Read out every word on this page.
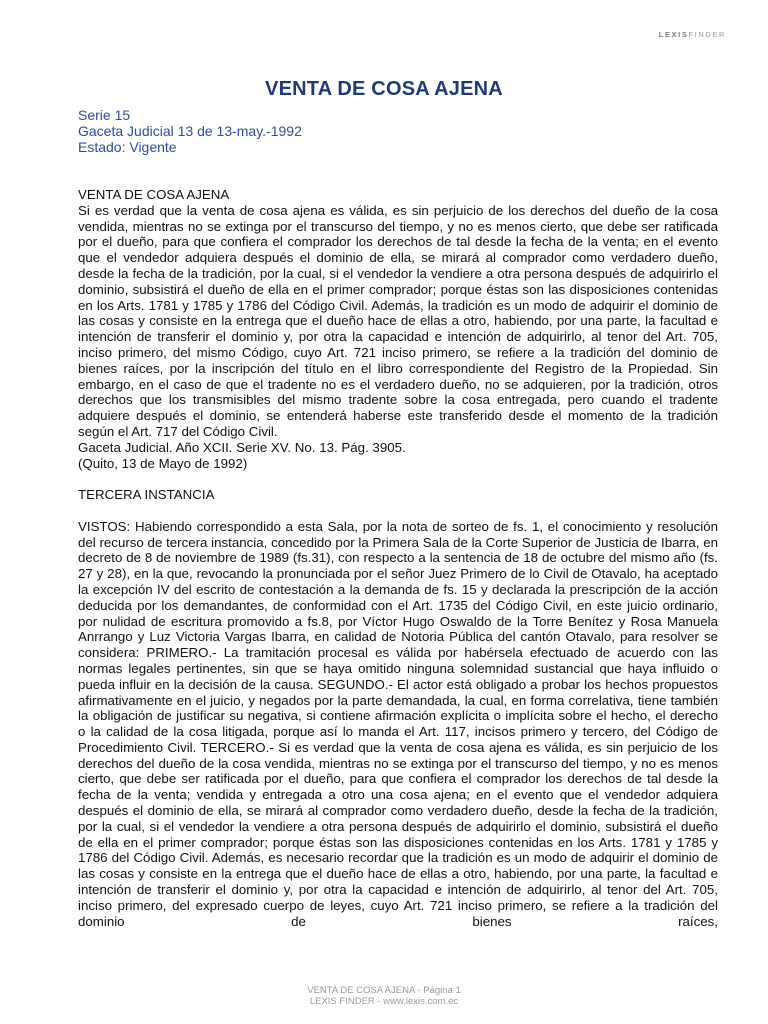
LEXISFINDER
VENTA DE COSA AJENA
Serie 15
Gaceta Judicial 13 de 13-may.-1992
Estado: Vigente

VENTA DE COSA AJENA

Si es verdad que la venta de cosa ajena es válida, es sin perjuicio de los derechos del dueño de la cosa vendida, mientras no se extinga por el transcurso del tiempo, y no es menos cierto, que debe ser ratificada por el dueño, para que confiera el comprador los derechos de tal desde la fecha de la venta; en el evento que el vendedor adquiera después el dominio de ella, se mirará al comprador como verdadero dueño, desde la fecha de la tradición, por la cual, si el vendedor la vendiere a otra persona después de adquirirlo el dominio, subsistirá el dueño de ella en el primer comprador; porque éstas son las disposiciones contenidas en los Arts. 1781 y 1785 y 1786 del Código Civil. Además, la tradición es un modo de adquirir el dominio de las cosas y consiste en la entrega que el dueño hace de ellas a otro, habiendo, por una parte, la facultad e intención de transferir el dominio y, por otra la capacidad e intención de adquirirlo, al tenor del Art. 705, inciso primero, del mismo Código, cuyo Art. 721 inciso primero, se refiere a la tradición del dominio de bienes raíces, por la inscripción del título en el libro correspondiente del Registro de la Propiedad. Sin embargo, en el caso de que el tradente no es el verdadero dueño, no se adquieren, por la tradición, otros derechos que los transmisibles del mismo tradente sobre la cosa entregada, pero cuando el tradente adquiere después el dominio, se entenderá haberse este transferido desde el momento de la tradición según el Art. 717 del Código Civil.

Gaceta Judicial. Año XCII. Serie XV. No. 13. Pág. 3905.

(Quito, 13 de Mayo de 1992)

TERCERA INSTANCIA

VISTOS: Habiendo correspondido a esta Sala, por la nota de sorteo de fs. 1, el conocimiento y resolución del recurso de tercera instancia, concedido por la Primera Sala de la Corte Superior de Justicia de Ibarra, en decreto de 8 de noviembre de 1989 (fs.31), con respecto a la sentencia de 18 de octubre del mismo año (fs. 27 y 28), en la que, revocando la pronunciada por el señor Juez Primero de lo Civil de Otavalo, ha aceptado la excepción IV del escrito de contestación a la demanda de fs. 15 y declarada la prescripción de la acción deducida por los demandantes, de conformidad con el Art. 1735 del Código Civil, en este juicio ordinario, por nulidad de escritura promovido a fs.8, por Víctor Hugo Oswaldo de la Torre Benítez y Rosa Manuela Anrrango y Luz Victoria Vargas Ibarra, en calidad de Notoria Pública del cantón Otavalo, para resolver se considera: PRIMERO.- La tramitación procesal es válida por habérsela efectuado de acuerdo con las normas legales pertinentes, sin que se haya omitido ninguna solemnidad sustancial que haya influido o pueda influir en la decisión de la causa. SEGUNDO.- El actor está obligado a probar los hechos propuestos afirmativamente en el juicio, y negados por la parte demandada, la cual, en forma correlativa, tiene también la obligación de justificar su negativa, si contiene afirmación explícita o implícita sobre el hecho, el derecho o la calidad de la cosa litigada, porque así lo manda el Art. 117, incisos primero y tercero, del Código de Procedimiento Civil. TERCERO.- Si es verdad que la venta de cosa ajena es válida, es sin perjuicio de los derechos del dueño de la cosa vendida, mientras no se extinga por el transcurso del tiempo, y no es menos cierto, que debe ser ratificada por el dueño, para que confiera el comprador los derechos de tal desde la fecha de la venta; vendida y entregada a otro una cosa ajena; en el evento que el vendedor adquiera después el dominio de ella, se mirará al comprador como verdadero dueño, desde la fecha de la tradición, por la cual, si el vendedor la vendiere a otra persona después de adquirirlo el dominio, subsistirá el dueño de ella en el primer comprador; porque éstas son las disposiciones contenidas en los Arts. 1781 y 1785 y 1786 del Código Civil. Además, es necesario recordar que la tradición es un modo de adquirir el dominio de las cosas y consiste en la entrega que el dueño hace de ellas a otro, habiendo, por una parte, la facultad e intención de transferir el dominio y, por otra la capacidad e intención de adquirirlo, al tenor del Art. 705, inciso primero, del expresado cuerpo de leyes, cuyo Art. 721 inciso primero, se refiere a la tradición del dominio de bienes raíces,

VENTA DE COSA AJENA - Página 1
LEXIS FINDER - www.lexis.com.ec
